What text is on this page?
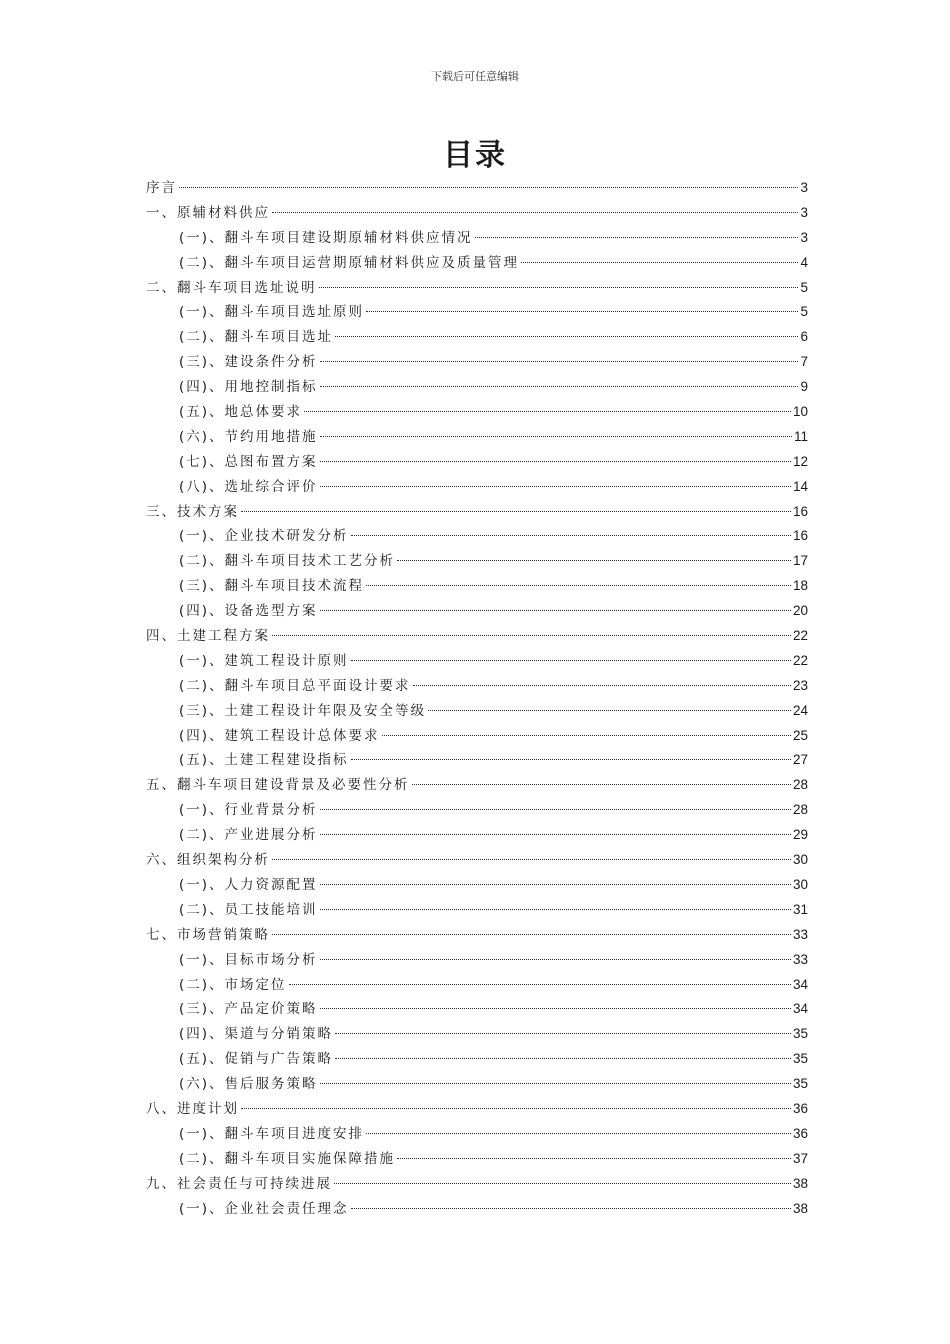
下载后可任意编辑
目录
序言	3
一、原辅材料供应	3
(一)、翻斗车项目建设期原辅材料供应情况	3
(二)、翻斗车项目运营期原辅材料供应及质量管理	4
二、翻斗车项目选址说明	5
(一)、翻斗车项目选址原则	5
(二)、翻斗车项目选址	6
(三)、建设条件分析	7
(四)、用地控制指标	9
(五)、地总体要求	10
(六)、节约用地措施	11
(七)、总图布置方案	12
(八)、选址综合评价	14
三、技术方案	16
(一)、企业技术研发分析	16
(二)、翻斗车项目技术工艺分析	17
(三)、翻斗车项目技术流程	18
(四)、设备选型方案	20
四、土建工程方案	22
(一)、建筑工程设计原则	22
(二)、翻斗车项目总平面设计要求	23
(三)、土建工程设计年限及安全等级	24
(四)、建筑工程设计总体要求	25
(五)、土建工程建设指标	27
五、翻斗车项目建设背景及必要性分析	28
(一)、行业背景分析	28
(二)、产业进展分析	29
六、组织架构分析	30
(一)、人力资源配置	30
(二)、员工技能培训	31
七、市场营销策略	33
(一)、目标市场分析	33
(二)、市场定位	34
(三)、产品定价策略	34
(四)、渠道与分销策略	35
(五)、促销与广告策略	35
(六)、售后服务策略	35
八、进度计划	36
(一)、翻斗车项目进度安排	36
(二)、翻斗车项目实施保障措施	37
九、社会责任与可持续进展	38
(一)、企业社会责任理念	38
